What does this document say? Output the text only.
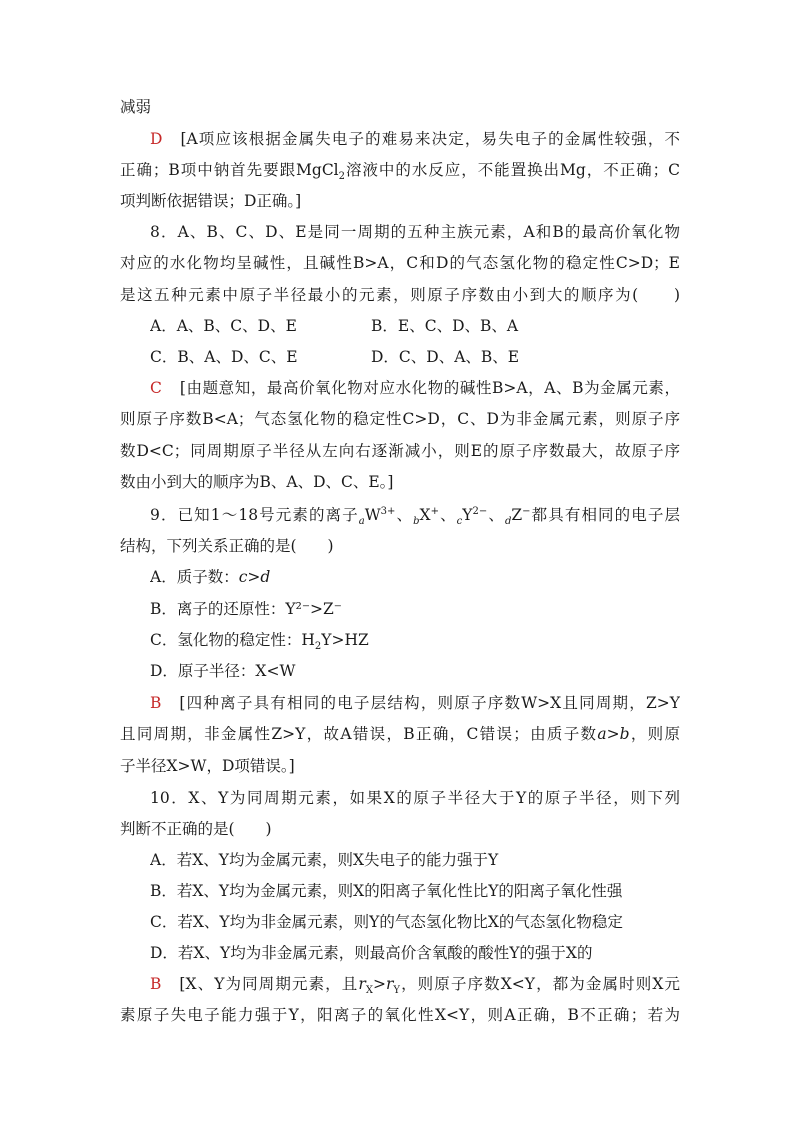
减弱
D [A项应该根据金属失电子的难易来决定，易失电子的金属性较强，不
正确；B项中钠首先要跟MgCl$_2$溶液中的水反应，不能置换出Mg，不正确；C
项判断依据错误；D正确。]
8．A、B、C、D、E是同一周期的五种主族元素，A和B的最高价氧化物
对应的水化物均呈碱性，且碱性B>A，C和D的气态氢化物的稳定性C>D；E
是这五种元素中原子半径最小的元素，则原子序数由小到大的顺序为(　　)
A．A、B、C、D、E	B．E、C、D、B、A
C．B、A、D、C、E	D．C、D、A、B、E
C [由题意知，最高价氧化物对应水化物的碱性B>A，A、B为金属元素，
则原子序数B<A；气态氢化物的稳定性C>D，C、D为非金属元素，则原子序
数D<C；同周期原子半径从左向右逐渐减小，则E的原子序数最大，故原子序
数由小到大的顺序为B、A、D、C、E。]
9．已知1～18号元素的离子$_aW^{3+}$、$_b$X+、$_cY^{2-}$、$_d$Z−都具有相同的电子层
结构，下列关系正确的是(　　)
A．质子数：c>d
B．离子的还原性：Y²⁻>Z⁻
C．氢化物的稳定性：$H_2Y>HZ$
D．原子半径：X<W
B [四种离子具有相同的电子层结构，则原子序数W>X且同周期，Z>Y
且同周期，非金属性Z>Y，故A错误，B正确，C错误；由质子数a>b，则原
子半径X>W，D项错误。]
10．X、Y为同周期元素，如果X的原子半径大于Y的原子半径，则下列
判断不正确的是(　　)
A．若X、Y均为金属元素，则X失电子的能力强于Y
B．若X、Y均为金属元素，则X的阳离子氧化性比Y的阳离子氧化性强
C．若X、Y均为非金属元素，则Y的气态氢化物比X的气态氢化物稳定
D．若X、Y均为非金属元素，则最高价含氧酸的酸性Y的强于X的
B [X、Y为同周期元素，且$r_X>r_Y$，则原子序数X<Y，都为金属时则X元
素原子失电子能力强于Y，阳离子的氧化性X<Y，则A正确，B不正确；若为
